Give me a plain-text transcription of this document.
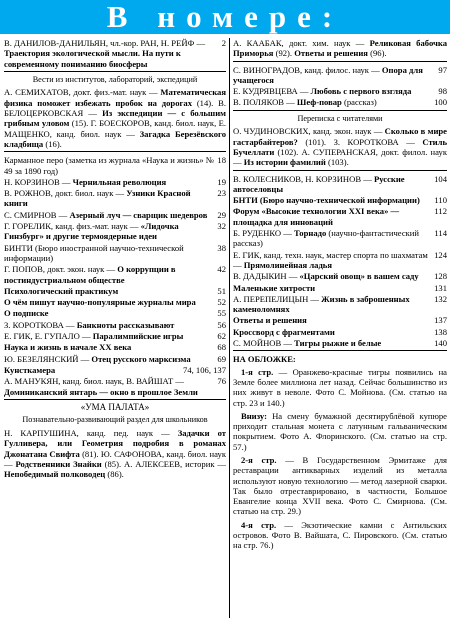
В номере:
В. ДАНИЛОВ-ДАНИЛЬЯН, чл.-кор. РАН, Н. РЕЙФ — Траектория экологической мысли. На пути к современному пониманию биосферы
2
Вести из институтов, лабораторий, экспедиций
А. СЕМИХАТОВ, докт. физ.-мат. наук — Математическая физика поможет избежать пробок на дорогах (14). В. БЕЛОЦЕРКОВСКАЯ — Из экспедиции — с большим грибным уловом (15). Г. БОЕСКОРОВ, канд. биол. наук, Е. МАЩЕНКО, канд. биол. наук — Загадка Березёвского кладбища (16).
Карманное перо (заметка из журнала «Наука и жизнь» № 49 за 1890 год)
18
Н. КОРЗИНОВ — Чернильная революция	19
В. РОЖНОВ, докт. биол. наук — Узники Красной книги
23
С. СМИРНОВ — Азерный луч — сварщик шедевров	29
Г. ГОРЕЛИК, канд. физ.-мат. наук — «Лидочка Гинзбург» и другие термоядерные идеи
32
БИНТИ (Бюро иностранной научно-технической информации)
38
Г. ПОПОВ, докт. экон. наук — О коррупции в постиндустриальном обществе
42
Психологический практикум	51
О чём пишут научно-популярные журналы мира	52
О подписке	55
З. КОРОТКОВА — Банкноты рассказывают	56
Е. ГИК, Е. ГУПАЛО — Паралимпийские игры	62
Наука и жизнь в начале XX века	68
Ю. БЕЗЕЛЯНСКИЙ — Отец русского марксизма	69
Кунсткамера	74, 106, 137
А. МАНУКЯН, канд. биол. наук, В. ВАЙШАТ — Доминиканский янтарь — окно в прошлое Земли
76
«УМА ПАЛАТА»
Познавательно-развивающий раздел для школьников
Н. КАРПУШИНА, канд. пед. наук — Задачки от Гулливера, или Геометрия подробия в романах Джонатана Свифта (81). Ю. САФОНОВА, канд. биол. наук — Родственники Знайки (85). А. АЛЕКСЕЕВ, историк — Непобедимый полководец (86).
А. КААБАК, докт. хим. наук — Реликовая бабочка Приморья (92). Ответы и решения (96).
С. ВИНОГРАДОВ, канд. филос. наук — Опора для учащегося
97
Е. КУДРЯВЦЕВА — Любовь с первого взгляда	98
В. ПОЛЯКОВ — Шеф-повар (рассказ)	100
Переписка с читателями
О. ЧУДИНОВСКИХ, канд. экон. наук — Сколько в мире гастарбайтеров? (101). З. КОРОТКОВА — Стиль Бучеллати (102). А. СУПЕРАНСКАЯ, докт. филол. наук — Из истории фамилий (103).
В. КОЛЕСНИКОВ, Н. КОРЗИНОВ — Русские автоселовцы
104
БНТИ (Бюро научно-технической информации)	110
Форум «Высокие технологии XXI века» — площадка для инноваций
112
Б. РУДЕНКО — Торнадо (научно-фантастический рассказ)
114
Е. ГИК, канд. техн. наук, мастер спорта по шахматам — Прямолинейная ладья
124
В. ДАДЫКИН — «Царский овощ» в вашем саду	128
Маленькие хитрости	131
А. ПЕРЕПЕЛИЦЫН — Жизнь в заброшенных каменоломнях
132
Ответы и решения	137
Кроссворд с фрагментами	138
С. МОЙНОВ — Тигры рыжие и белые	140
НА ОБЛОЖКЕ:
1-я стр. — Оранжево-красные тигры появились на Земле более миллиона лет назад. Сейчас большинство из них живут в неволе. Фото С. Мойнова. (См. статью на стр. 23 и 140.)
Внизу: На смену бумажной десятирублёвой купюре приходит стальная монета с латунным гальваническим покрытием. Фото А. Флоринского. (См. статью на стр. 57.)
2-я стр. — В Государственном Эрмитаже для реставрации антикварных изделий из металла используют новую технологию — метод лазерной сварки. Так было отреставрировано, в частности, Большое Евангелие конца XVII века. Фото С. Смирнова. (См. статью на стр. 29.)
4-я стр. — Экзотические камни с Антильских островов. Фото В. Вайшата, С. Пировского. (См. статью на стр. 76.)
